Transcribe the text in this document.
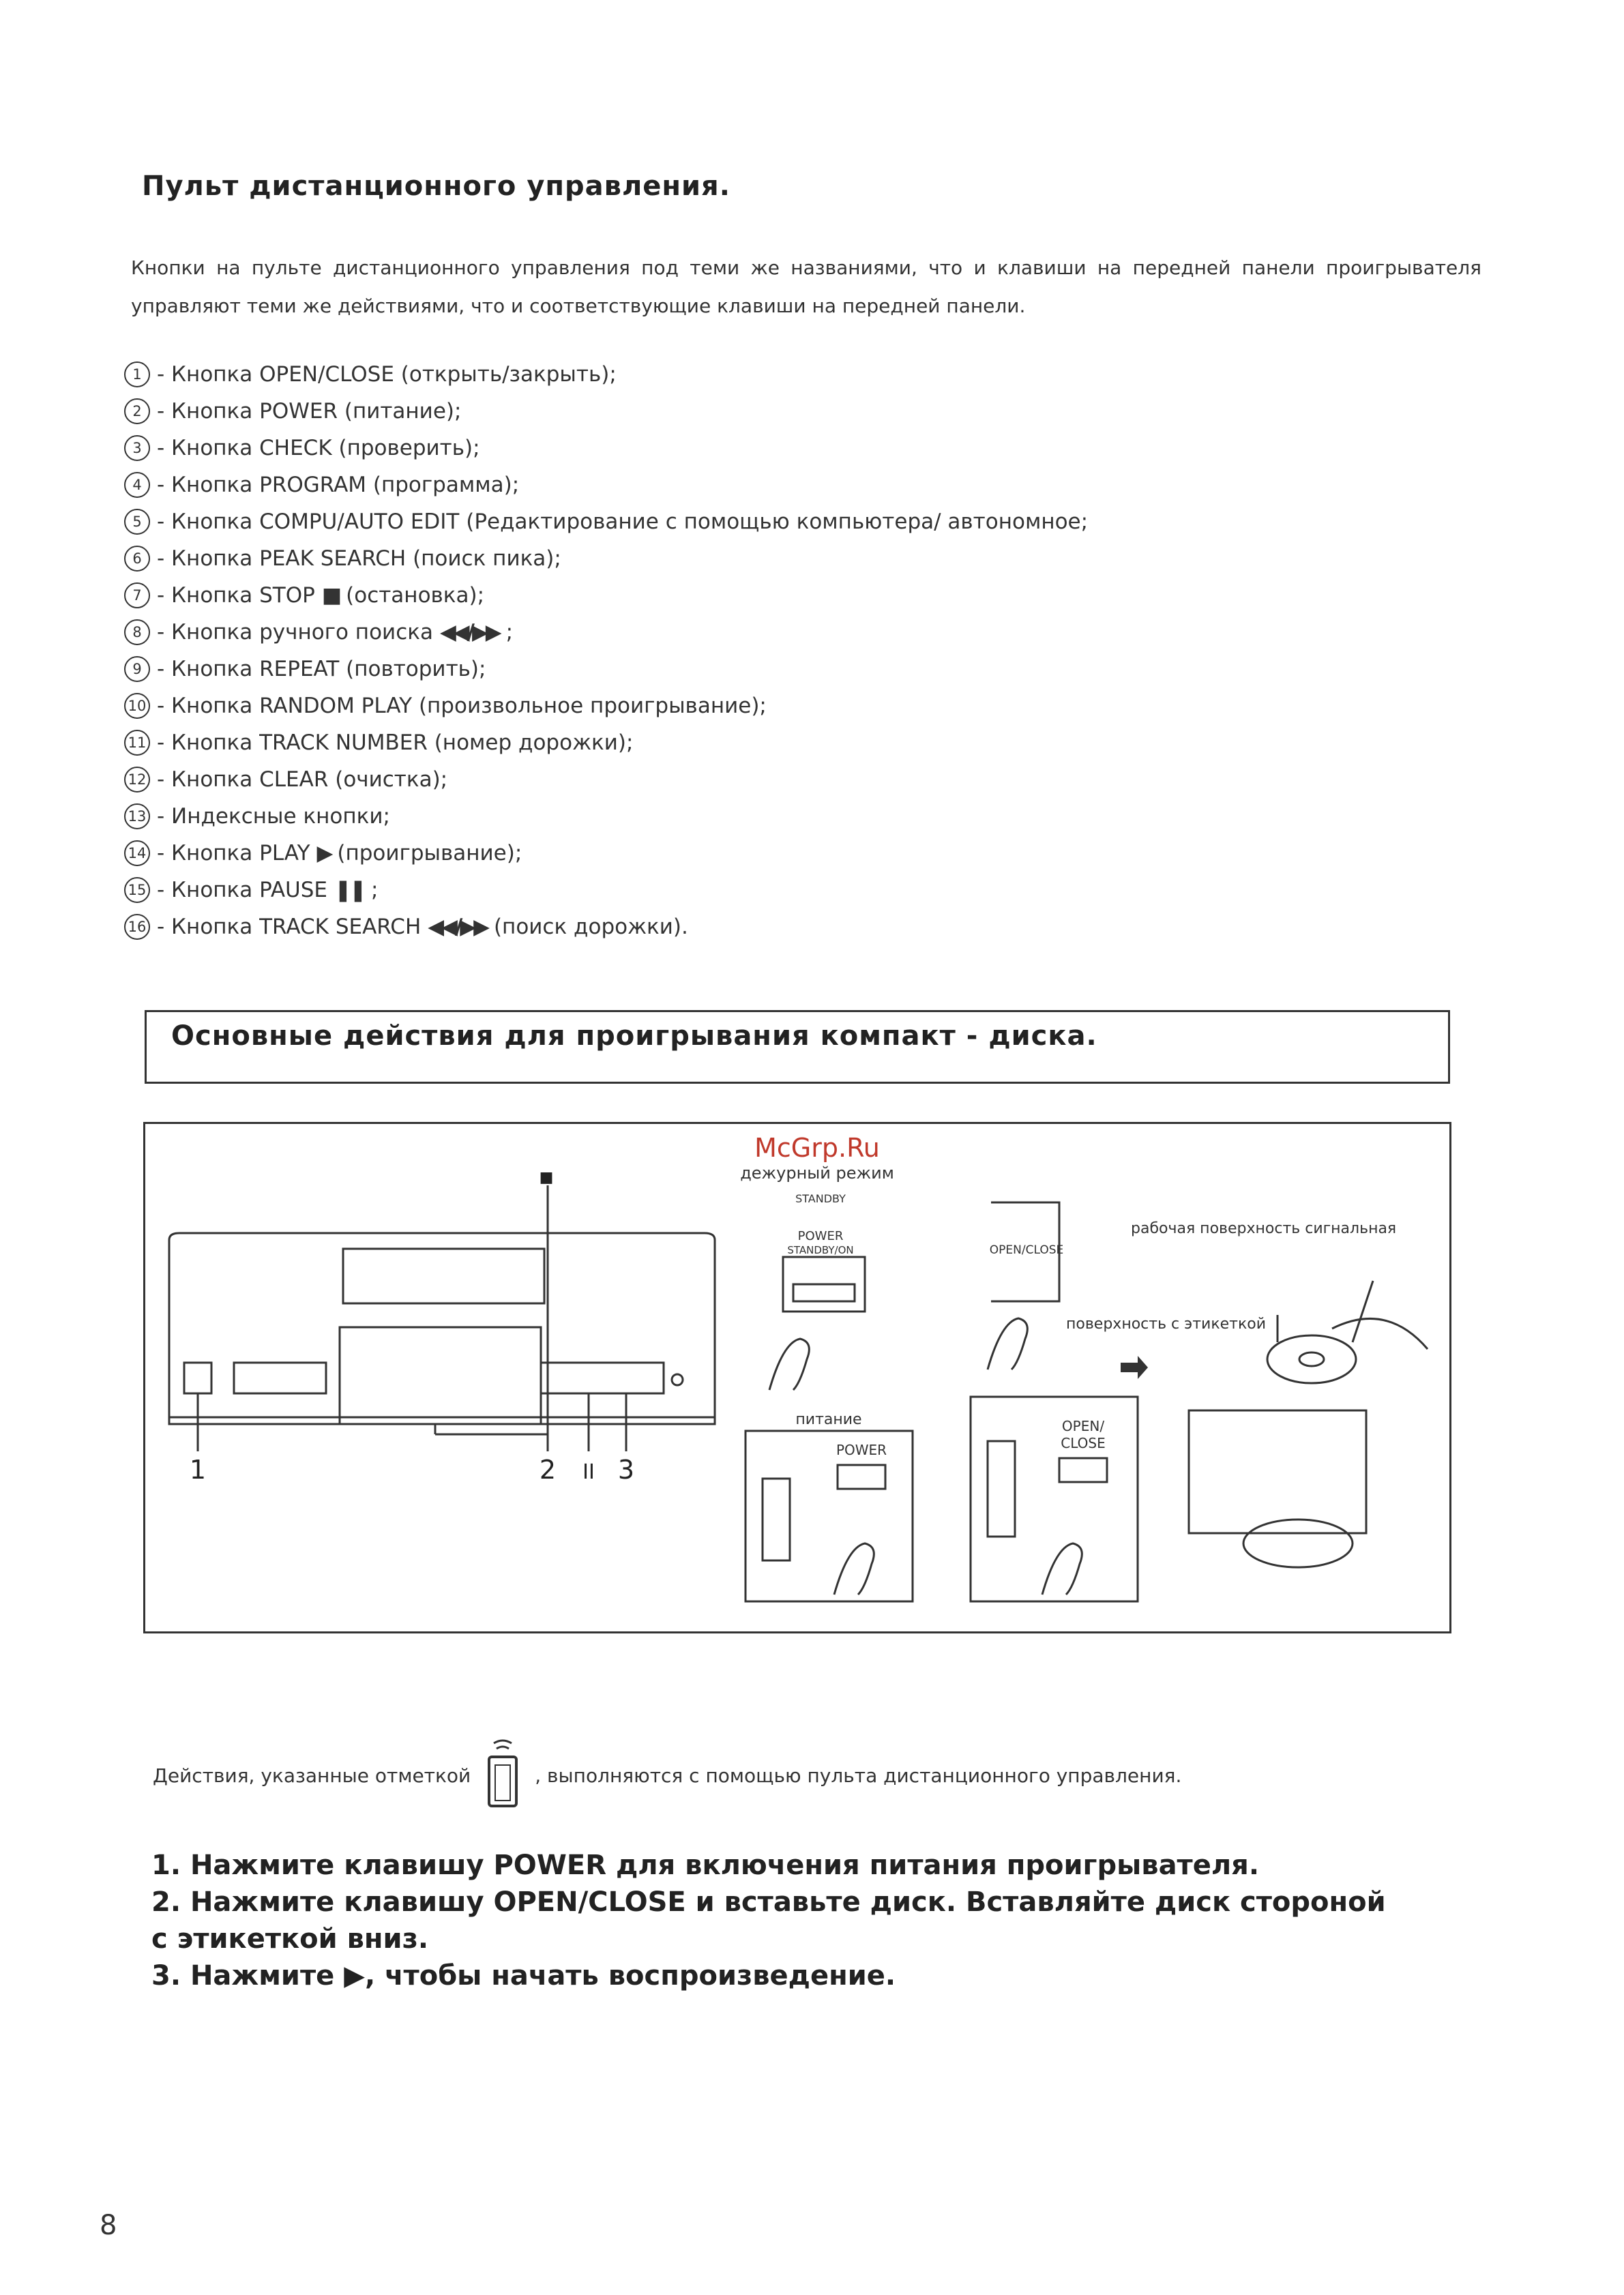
Пульт дистанционного управления.
Кнопки на пульте дистанционного управления под теми же названиями, что и клавиши на передней панели проигрывателя управляют теми же действиями, что и соответствующие клавиши на передней панели.
1 - Кнопка OPEN/CLOSE (открыть/закрыть);
2 - Кнопка POWER (питание);
3 - Кнопка CHECK (проверить);
4 - Кнопка PROGRAM (программа);
5 - Кнопка COMPU/AUTO EDIT (Редактирование с помощью компьютера/ автономное;
6 - Кнопка PEAK SEARCH (поиск пика);
7 - Кнопка STOP ■ (остановка);
8 - Кнопка ручного поиска ◀◀/▶▶ ;
9 - Кнопка REPEAT (повторить);
10 - Кнопка RANDOM PLAY (произвольное проигрывание);
11 - Кнопка TRACK NUMBER (номер дорожки);
12 - Кнопка CLEAR (очистка);
13 - Индексные кнопки;
14 - Кнопка PLAY ▶ (проигрывание);
15 - Кнопка PAUSE ❚❚ ;
16 - Кнопка TRACK SEARCH ◀◀/▶▶ (поиск дорожки).
Основные действия для проигрывания компакт - диска.
■
McGrp.Ru
дежурный режим
STANDBY
POWER
STANDBY/ON	OPEN/CLOSE
рабочая поверхность сигнальная
поверхность с этикеткой
питание
POWER
OPEN/
CLOSE
1	2 II 3
Действия, указанные отметкой	, выполняются с помощью пульта дистанционного управления.
1. Нажмите клавишу POWER для включения питания проигрывателя.
2. Нажмите клавишу OPEN/CLOSE и вставьте диск. Вставляйте диск стороной
с этикеткой вниз.
3. Нажмите ▶, чтобы начать воспроизведение.
8
